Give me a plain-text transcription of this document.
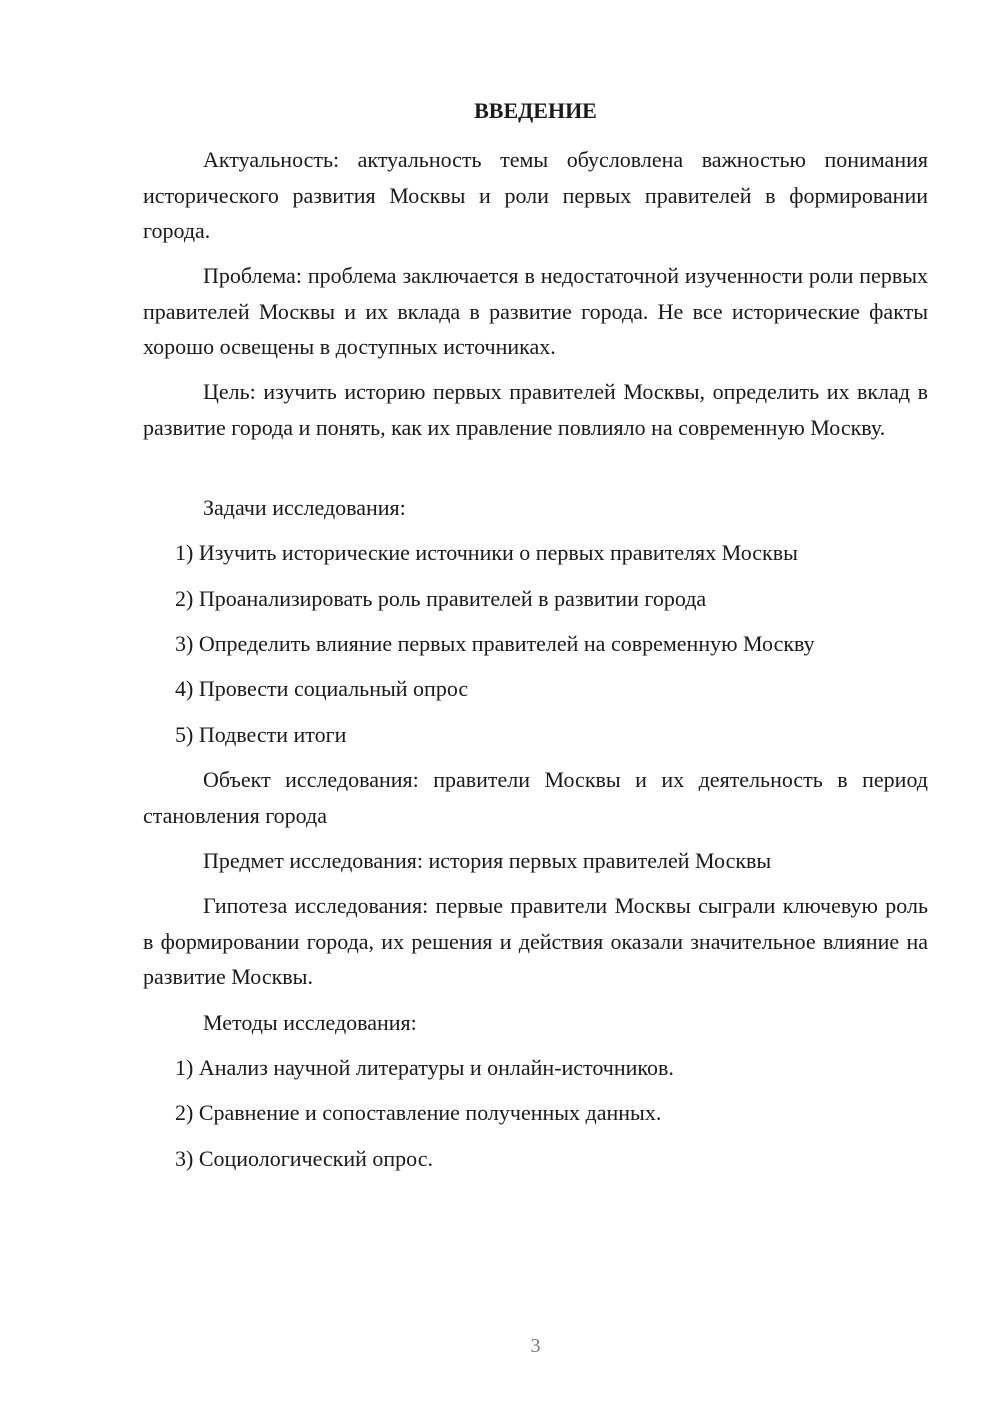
ВВЕДЕНИЕ

Актуальность: актуальность темы обусловлена важностью понимания исторического развития Москвы и роли первых правителей в формировании города.

Проблема: проблема заключается в недостаточной изученности роли первых правителей Москвы и их вклада в развитие города. Не все исторические факты хорошо освещены в доступных источниках.

Цель: изучить историю первых правителей Москвы, определить их вклад в развитие города и понять, как их правление повлияло на современную Москву.

Задачи исследования:

1) Изучить исторические источники о первых правителях Москвы

2) Проанализировать роль правителей в развитии города

3) Определить влияние первых правителей на современную Москву

4) Провести социальный опрос

5) Подвести итоги

Объект исследования: правители Москвы и их деятельность в период становления города

Предмет исследования: история первых правителей Москвы

Гипотеза исследования: первые правители Москвы сыграли ключевую роль в формировании города, их решения и действия оказали значительное влияние на развитие Москвы.

Методы исследования:

1) Анализ научной литературы и онлайн-источников.

2) Сравнение и сопоставление полученных данных.

3) Социологический опрос.

3
